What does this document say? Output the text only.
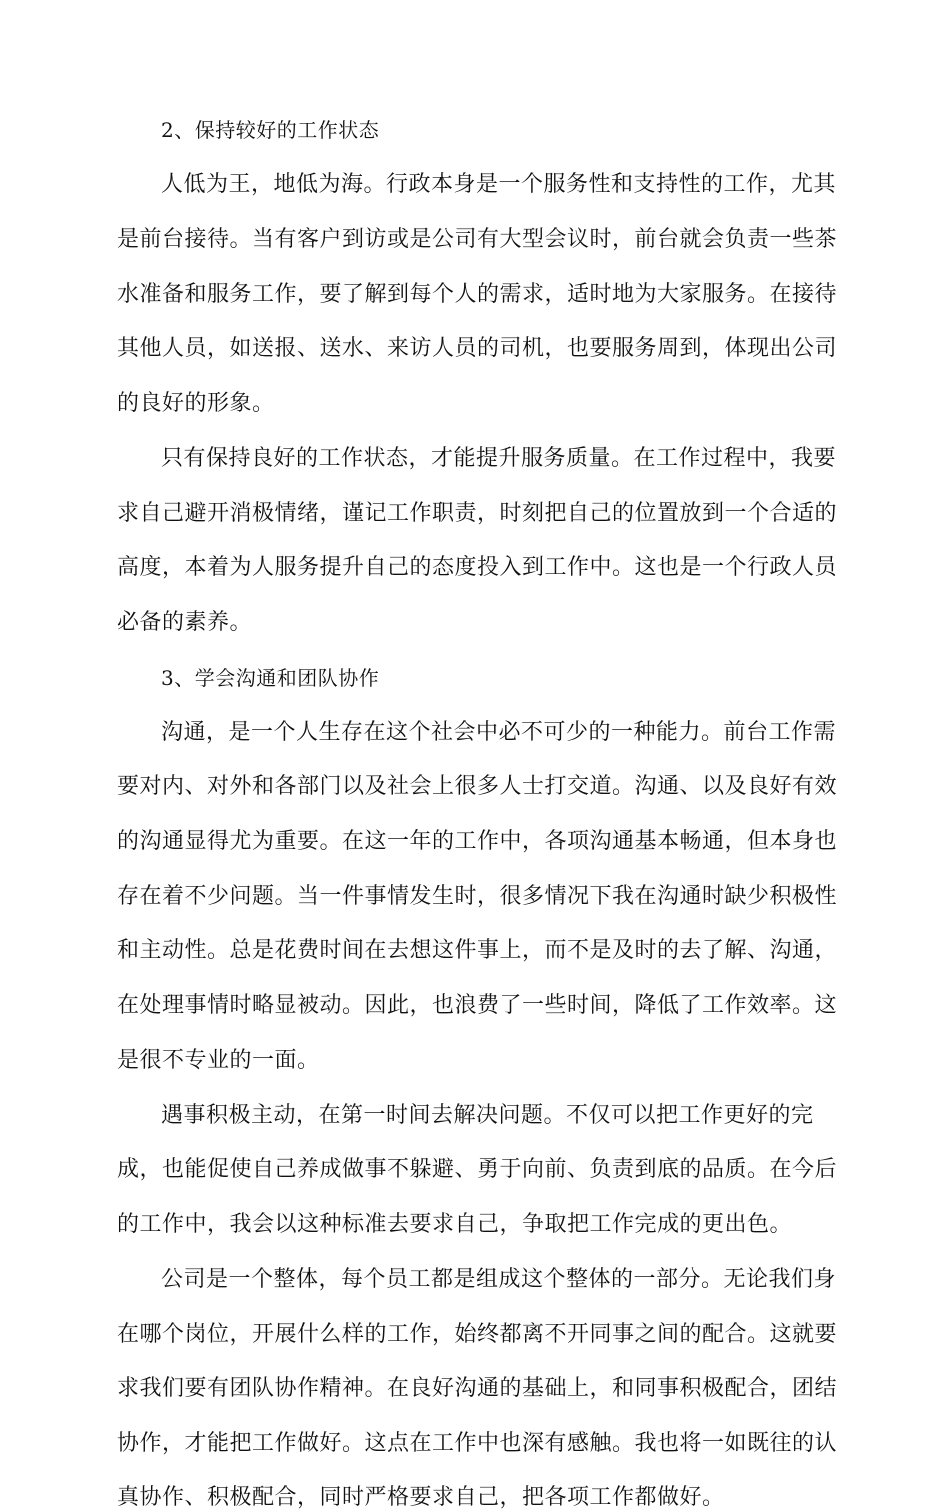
2、保持较好的工作状态
人低为王，地低为海。行政本身是一个服务性和支持性的工作，尤其
是前台接待。当有客户到访或是公司有大型会议时，前台就会负责一些茶
水准备和服务工作，要了解到每个人的需求，适时地为大家服务。在接待
其他人员，如送报、送水、来访人员的司机，也要服务周到，体现出公司
的良好的形象。
只有保持良好的工作状态，才能提升服务质量。在工作过程中，我要
求自己避开消极情绪，谨记工作职责，时刻把自己的位置放到一个合适的
高度，本着为人服务提升自己的态度投入到工作中。这也是一个行政人员
必备的素养。
3、学会沟通和团队协作
沟通，是一个人生存在这个社会中必不可少的一种能力。前台工作需
要对内、对外和各部门以及社会上很多人士打交道。沟通、以及良好有效
的沟通显得尤为重要。在这一年的工作中，各项沟通基本畅通，但本身也
存在着不少问题。当一件事情发生时，很多情况下我在沟通时缺少积极性
和主动性。总是花费时间在去想这件事上，而不是及时的去了解、沟通，
在处理事情时略显被动。因此，也浪费了一些时间，降低了工作效率。这
是很不专业的一面。
遇事积极主动，在第一时间去解决问题。不仅可以把工作更好的完
成，也能促使自己养成做事不躲避、勇于向前、负责到底的品质。在今后
的工作中，我会以这种标准去要求自己，争取把工作完成的更出色。
公司是一个整体，每个员工都是组成这个整体的一部分。无论我们身
在哪个岗位，开展什么样的工作，始终都离不开同事之间的配合。这就要
求我们要有团队协作精神。在良好沟通的基础上，和同事积极配合，团结
协作，才能把工作做好。这点在工作中也深有感触。我也将一如既往的认
真协作、积极配合，同时严格要求自己，把各项工作都做好。
